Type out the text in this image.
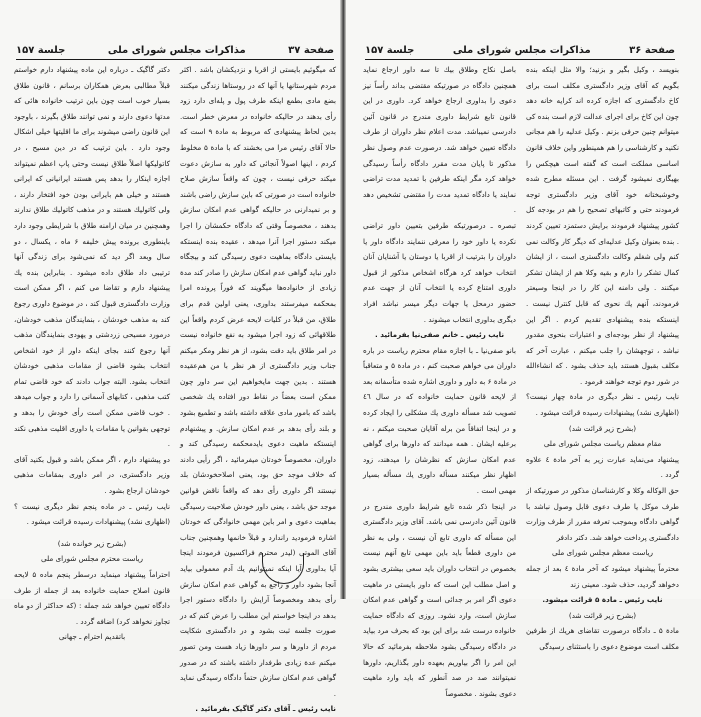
صفحة ۳۷
مذاکرات مجلس شورای ملی
جلسة ۱۵۷

که میگوئیم بایستی از اقربا و نزدیکشان باشد . اکثر مردم شهرستانها یا آنها که در روستاها زندگی میکنند بضع مادی بطمع اینکه طرف پول و پله‌ای دارد زود رأی بدهند در حالیکه خانواده در معرض خطر است. بدین لحاظ پیشنهادی که مربوط به مادة ۹ است که حالا آقای رئیس مرا می بخشند که با مادة ۵ مخلوط کردم ، اینها اصولاً آنجائی که داور به سازش دعوت میکند حرفی نیست ، چون که واقعاً سازش صلاح خانواده است در صورتی که باین سازش راضی باشند و بر نمیدارنی در حالیکه گواهی عدم امکان سازش بدهند ، مخصوصاً وقتی که دادگاه حکمشان را اجرا میکند دستور اجرا آنرا میدهد ، عقیده بنده اینستکه بایستی دادگاه بماهیت دعوی رسیدگی کند و بیجگاه داور نباید گواهی عدم امکان سازش را صادر کند مدة زیادی از خانواده‌ها میگویند که فوراً پرونده امرا بمحکمه میفرستند بداوری، یعنی اولین قدم برای طلاق، من قبلاً در کلیات لایحه عرض کردم واقعاً این طلاقهائی که زود اجرا میشود به نفع خانواده نیست در امر طلاق باید دقت بشود، از هر نظر ومکر میکنم جناب وزیر دادگستری از هر نظر با من هم‌عقیده هستند . بدین جهت مایخواهیم این سر داور چون ممکن است بعضاً در نقاط دور افتاده یك شخصی باشد که بامور مادی علاقه داشته باشد و تطمیع بشود و بلند رأی بدهد بر عدم امکان سازش. و پیشنهادم اینستکه ماهیت دعوی بایدمحکمه رسیدگی کند و داوران، مخصوصاً خودتان میفرمائید ، اگر رأیی دادند که خلاف موجد حق بود، یعنی اصلاحخودشان بلد نیستند اگر داوری رأی دهد که واقعاً ناقض قوانین موجد حق باشد ، یعنی داور خودش صلاحیت رسیدگی بماهیت دعوی و امر باین مهمی خانوادگی که خودتان اشاره فرمودید راندارد و قبلاً خانمها وهمچنین جناب آقای الموتی (لیدر محترم فراکسیون فرمودند اینجا آیا بداوری آیا اینکه نمیتوانیم یك آدم معمولی بیاید آنجا بشود داور و راجع به گواهی عدم امکان سازش رأی بدهد ومخصوصاً آرایش را دادگاه دستور اجرا بدهد در اینجا خواستم این مطلب را عرض کنم که در صورت جلسه ثبت بشود و در دادگستری شکایت مردم از داورها و سر داورها زیاد هست ومن تصور میکنم عدة زیادی طرفدار داشته باشند که در صدور گواهی عدم امکان سازش حتماً دادگاه رسیدگی نماید .

نایب رئیس ـ آقای دکتر گاگیک بفرمائید .

دکتر گاگیک ـ درباره این ماده پیشنهاد دارم خواستم قبلاً مطالبی بعرض همکاران برسانم ، قانون طلاق بسیار خوب است چون باین ترتیب خانواده هائی که مدتها دعوی دارند و نمی توانند طلاق بگیرند ، باوجود این قانون راضی میشوند برای ما اقلیتها خیلی اشکال وجود دارد . باین ترتیب که در دین مسیح ، در کاتولیکها اصلاً طلاق نیست وحتی پاپ اعظم نمیتواند اجازه اینکار را بدهد پس هستند ایرانیانی که ایرانی هستند و خیلی هم بایرانی بودن خود افتخار دارند ، ولی کاتولیك هستند و در مذهب کاتولیك طلاق ندارند وهمچنین در میان ارامنه طلاق با شرایطی وجود دارد باینطوری برونده پیش خلیفه ۶ ماه ، یکسال ، دو سال وبعد اگر دید که نمی‌شود برای زندگی آنها ترتیبی داد طلاق داده میشود . بنابراین بنده یك پیشنهاد دارم و تقاضا می کنم ، اگر ممکن است وزارت دادگستری قبول کند ، در موضوع داوری رجوع کند به مذهب خودشان ، بنمایندگان مذهب خودشان، درمورد مسیحی زردشتی و یهودی بنمایندگان مذهب آنها رجوع کنند بجای اینکه داور از خود اشخاص انتخاب بشود قاضی از مقامات مذهبی خودشان انتخاب بشود. البته جواب دادند که خود قاضی تمام کتب مذهبی ، کتابهای آسمانی را دارد و جواب میدهد . خوب قاضی ممکن است رأی خودش را بدهد و توجهی بقوانین یا مقامات یا داوری اقلیت مذهبی نکند .

دو پیشنهاد دارم ، اگر ممکن باشد و قبول بکنید آقای وزیر دادگستری، در امر داوری بمقامات مذهبی خودشان ارجاع بشود .

نایب رئیس ـ در ماده پنجم نظر دیگری نیست ؟ (اظهاری نشد) پیشنهادات رسیده قرائت میشود .

(بشرح زیر خوانده شد)

ریاست محترم مجلس شورای ملی

احتراماً پیشنهاد مینماید درسطر پنجم ماده ۵ لایحه قانون اصلاح حمایت خانواده بعد از جمله از طرف دادگاه تعیین خواهد شد جمله : (که حداکثر از دو ماه تجاوز نخواهد کرد) اضافه گردد .

باتقدیم احترام ـ جهانی

صفحة ۳۶
مذاکرات مجلس شورای ملی
جلسة ۱۵۷

بنویسد ، وکیل بگیر و بزنید؛ والا مثل اینکه بنده بگویم که آقای وزیر دادگستری مکلف است برای کاخ دادگستری که اجازه کرده اند کرایه خانه دهد چون این کاخ برای اجرای عدالت لازم است بنده کی میتوانم چنین حرفی بزنم . وکیل عدلیه را هم مجانی نکنید و کارشناسی را هم همینطور واین خلاف قانون اساسی مملکت است که گفته است هیچکس را بهیگاری نمیشود گرفت . این مسئله مطرح شده وخوشبختانه خود آقای وزیر دادگستری توجه فرمودند حتی و کاتبهای تصحیح را هم در بودجه کل کشور پیشنهاد فرمودند برایش دستمزد تعیین کردند . بنده بعنوان وکیل عدلیه‌ای که دیگر کار وکالت نمی کنم ولی شغلم وکالت دادگستری است ، از ایشان کمال تشکر را دارم و بقیه وکلا هم از ایشان تشکر میکنند . ولی دامنه این کار را در اینجا وسیعتر فرمودند، آنهم یك نحوی که قابل کنترل نیست . اینستکه بنده پیشنهادی تقدیم کردم . اگر این پیشنهاد از نظر بودجه‌ای و اعتبارات بنحوی مقدور نباشد ، توجهشان را جلب میکنم ، عبارت آخر که مکلف بقبول هستند باید حذف بشود . که انشاءالله در شور دوم توجه خواهند فرمود .

نایب رئیس ـ نظر دیگری در مادة چهار نیست؟ (اظهاری نشد) پیشنهادات رسیده قرائت میشود .

(بشرح زیر قرائت شد)

مقام معظم ریاست مجلس شورای ملی

پیشنهاد می‌نماید عبارت زیر به آخر مادة ٤ علاوه گردد .

حق الوکاله وکلا و کارشناسان مذکور در صورتیکه از طرف موکل یا طرف دعوی قابل وصول نباشد با گواهی دادگاه وبموجب تعرفه مقرر از طرف وزارت دادگستری پرداخت خواهد شد. دکتر دادفر

ریاست معظم مجلس شورای ملی

محترماً پیشنهاد میشود که آخر مادة ٤ بعد از جمله دخواهد گردید، حذف شود. معینی زند

نایب رئیس ـ مادة ۵ قرائت میشود.

(بشرح زیر قرائت شد)

مادة ۵ ـ دادگاه درصورت تقاضای هریك از طرفین مکلف است موضوع دعوی را باستثنای رسیدگی

باصل نکاح وطلاق بیك تا سه داور ارجاع نماید همچنین دادگاه در صورتیکه مقتضی بداند رأساً نیز دعوی را بداوری ارجاع خواهد کرد. داوری در این قانون تابع شرایط داوری مندرج در قانون آئین دادرسی نمیباشد. مدت اعلام نظر داوران از طرف دادگاه تعیین خواهد شد. درصورت عدم وصول نظر مذکور تا پایان مدت مقرر دادگاه رأساً رسیدگی خواهد کرد مگر اینکه طرفین با تمدید مدت تراضی نمایند یا دادگاه تمدید مدت را مقتضی تشخیص دهد .

تبصره ـ درصورتیکه طرفین بتعیین داور تراضی نکرده یا داور خود را معرفی ننمایند دادگاه داور یا داوران را بترتیب از اقربا یا دوستان یا آشنایان آنان انتخاب خواهد کرد هرگاه اشخاص مذکور از قبول داوری امتناع کرده یا انتخاب آنان از جهت عدم حضور درمحل یا جهات دیگر میسر نباشد افراد دیگری بداوری انتخاب میشوند .

نایب رئیس ـ خانم صفی‌نیا بفرمائید .

بانو صفی‌نیا ـ با اجازه مقام محترم ریاست در باره داوران می خواهم صحبت کنم ، در مادة ۵ و متعاقباً در مادة ۶ به داور و داوری اشاره شده متأسفانه بعد از لایحه قانون حمایت خانواده که در سال ٤٦ تصویب شد مسأله داوری یك مشکلی را ایجاد کرده و در اینجا اتفاقاً من برله آقایان صحبت میکنم ، نه برعلیه ایشان . همه میدانند که داورها برای گواهی عدم امکان سازش که نظرشان را میدهند، زود اظهار نظر میکنند مسأله داوری یك مسأله بسیار مهمی است .

در اینجا ذکر شده تابع شرایط داوری مندرج در قانون آئین دادرسی نمی باشد. آقای وزیر دادگستری این مسأله که داوری تابع آن نیست ، ولی به نظر من داوری قطعاً باید باین مهمی تابع آنهم نیست بخصوص در انتخاب داوران باید سعی بیشتری بشود و اصل مطلب این است که داور بایستی در ماهیت دعوی اگر امر بر جدائی است و گواهی عدم امکان سازش است، وارد نشود. روزی که دادگاه حمایت خانواده درست شد برای این بود که بحرف مرد بیاید در دادگاه رسیدگی بشود ملاحظه بفرمائید که حالا این امر را اگر بیاوریم بعهده داور بگذاریم، داورها نمیتوانند صد در صد آنطور که باید وارد ماهیت دعوی بشوند . مخصوصاً
